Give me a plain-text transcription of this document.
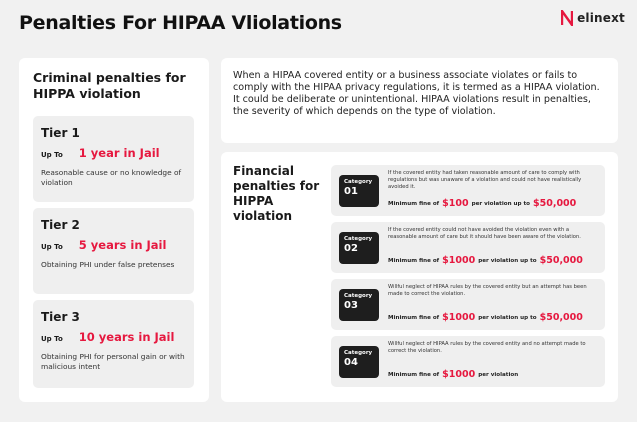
Penalties For HIPAA Vliolations	elinext
Criminal penalties for HIPPA violation
Tier 1
Up To 1 year in Jail
Reasonable cause or no knowledge of violation
Tier 2
Up To 5 years in Jail
Obtaining PHI under false pretenses
Tier 3
Up To 10 years in Jail
Obtaining PHI for personal gain or with malicious intent

When a HIPAA covered entity or a business associate violates or fails to comply with the HIPAA privacy regulations, it is termed as a HIPAA violation. It could be deliberate or unintentional. HIPAA violations result in penalties, the severity of which depends on the type of violation.

Financial penalties for HIPPA violation
Category
01
If the covered entity had taken reasonable amount of care to comply with regulations but was unaware of a violation and could not have realistically avoided it.
Minimum fine of $100 per violation up to $50,000
Category
02
If the covered entity could not have avoided the violation even with a reasonable amount of care but it should have been aware of the violation.
Minimum fine of $1000 per violation up to $50,000
Category
03
Willful neglect of HIPAA rules by the covered entity but an attempt has been made to correct the violation.
Minimum fine of $1000 per violation up to $50,000
Category
04
Willful neglect of HIPAA rules by the covered entity and no attempt made to correct the violation.
Minimum fine of $1000 per violation
